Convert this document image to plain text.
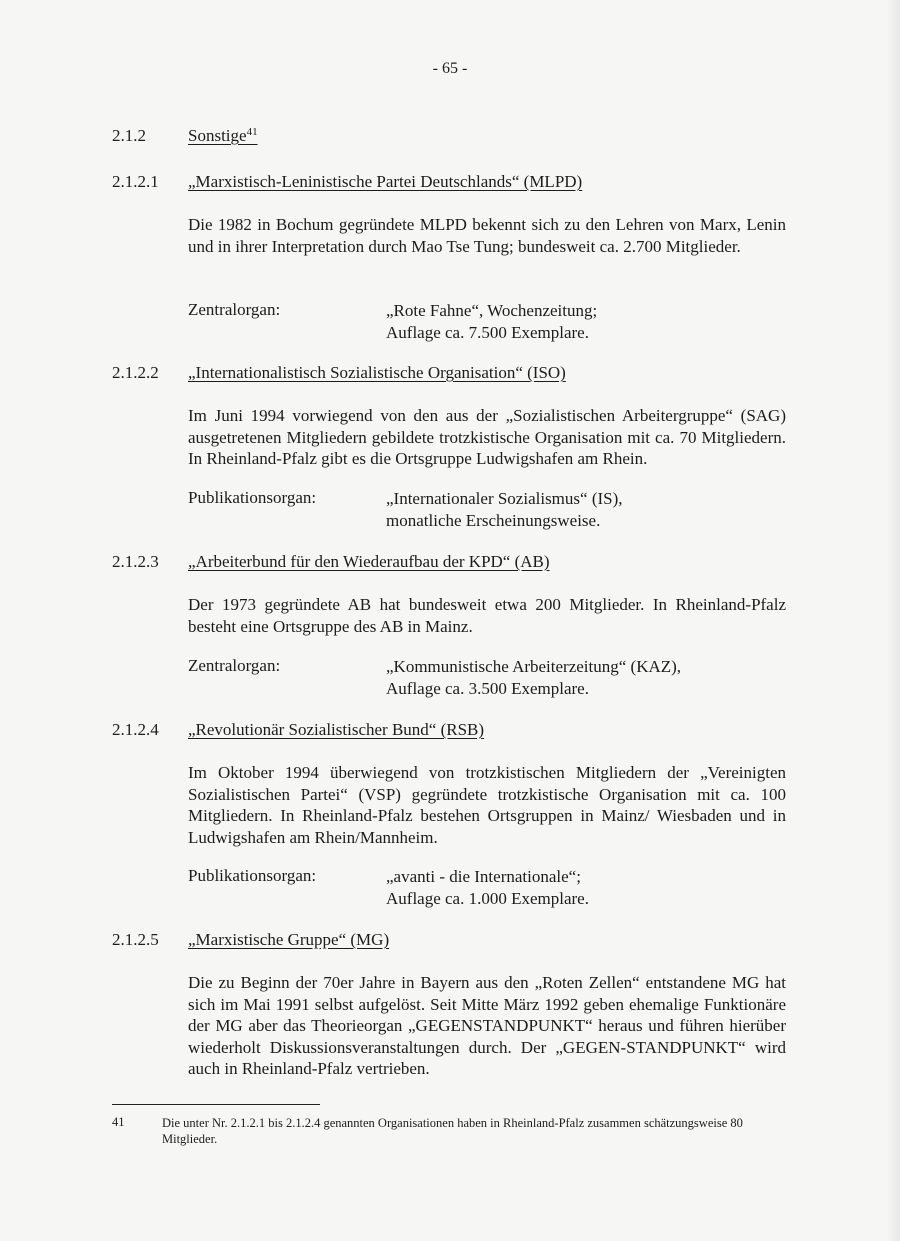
- 65 -
2.1.2 Sonstige$^{41}$
2.1.2.1 „Marxistisch-Leninistische Partei Deutschlands“ (MLPD)

Die 1982 in Bochum gegründete MLPD bekennt sich zu den Lehren von Marx, Lenin und in ihrer Interpretation durch Mao Tse Tung; bundesweit ca. 2.700 Mitglieder.

Zentralorgan:	„Rote Fahne“, Wochenzeitung;
Auflage ca. 7.500 Exemplare.
2.1.2.2 „Internationalistisch Sozialistische Organisation“ (ISO)

Im Juni 1994 vorwiegend von den aus der „Sozialistischen Arbeitergruppe“ (SAG) ausgetretenen Mitgliedern gebildete trotzkistische Organisation mit ca. 70 Mitgliedern. In Rheinland-Pfalz gibt es die Ortsgruppe Ludwigshafen am Rhein.

Publikationsorgan:	„Internationaler Sozialismus“ (IS),
monatliche Erscheinungsweise.
2.1.2.3 „Arbeiterbund für den Wiederaufbau der KPD“ (AB)

Der 1973 gegründete AB hat bundesweit etwa 200 Mitglieder. In Rheinland-Pfalz besteht eine Ortsgruppe des AB in Mainz.

Zentralorgan:	„Kommunistische Arbeiterzeitung“ (KAZ),
Auflage ca. 3.500 Exemplare.
2.1.2.4 „Revolutionär Sozialistischer Bund“ (RSB)

Im Oktober 1994 überwiegend von trotzkistischen Mitgliedern der „Vereinigten Sozialistischen Partei“ (VSP) gegründete trotzkistische Organisation mit ca. 100 Mitgliedern. In Rheinland-Pfalz bestehen Ortsgruppen in Mainz/ Wiesbaden und in Ludwigshafen am Rhein/Mannheim.

Publikationsorgan:	„avanti - die Internationale“;
Auflage ca. 1.000 Exemplare.
2.1.2.5 „Marxistische Gruppe“ (MG)

Die zu Beginn der 70er Jahre in Bayern aus den „Roten Zellen“ entstandene MG hat sich im Mai 1991 selbst aufgelöst. Seit Mitte März 1992 geben ehemalige Funktionäre der MG aber das Theorieorgan „GEGENSTANDPUNKT“ heraus und führen hierüber wiederholt Diskussionsveranstaltungen durch. Der „GEGEN-STANDPUNKT“ wird auch in Rheinland-Pfalz vertrieben.

41	Die unter Nr. 2.1.2.1 bis 2.1.2.4 genannten Organisationen haben in Rheinland-Pfalz zusammen schätzungsweise 80 Mitglieder.
